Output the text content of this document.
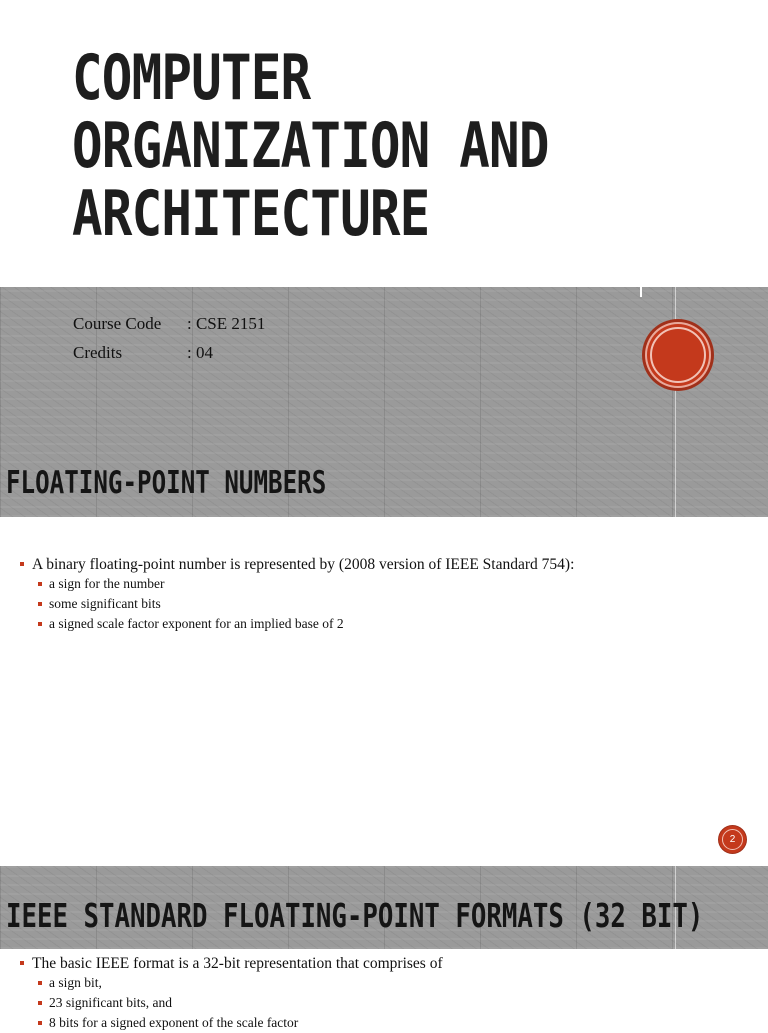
COMPUTER
ORGANIZATION AND
ARCHITECTURE
Course Code	: CSE 2151
Credits	: 04
FLOATING-POINT NUMBERS
A binary floating-point number is represented by (2008 version of IEEE Standard 754):
a sign for the number
some significant bits
a signed scale factor exponent for an implied base of 2
2
IEEE STANDARD FLOATING-POINT FORMATS (32 BIT)
The basic IEEE format is a 32-bit representation that comprises of
a sign bit,
23 significant bits, and
8 bits for a signed exponent of the scale factor
